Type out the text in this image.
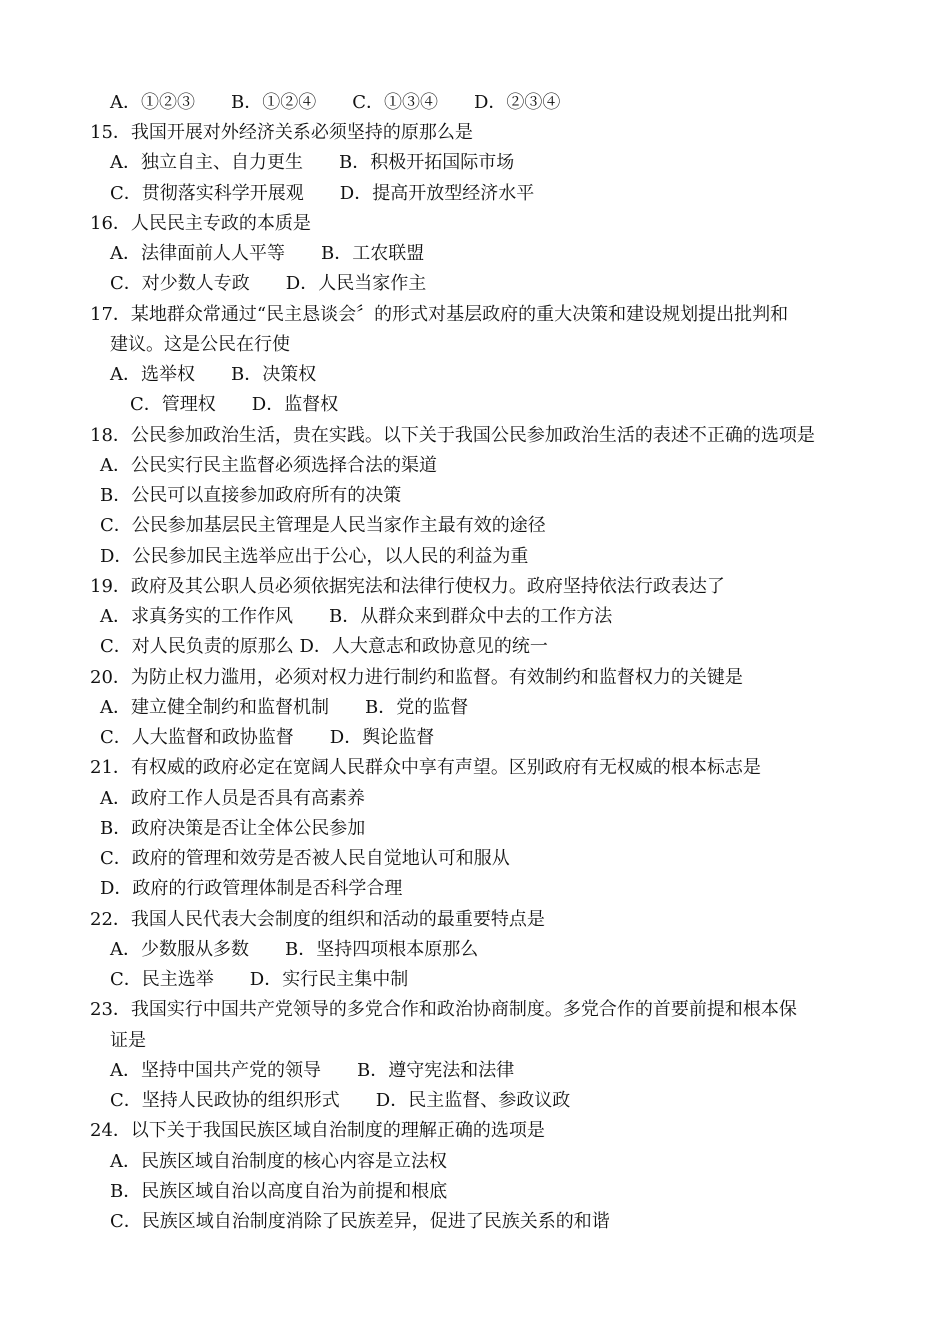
A．①②③　　B．①②④　　C．①③④　　D．②③④
15．我国开展对外经济关系必须坚持的原那么是
A．独立自主、自力更生　　B．积极开拓国际市场
C．贯彻落实科学开展观　　D．提高开放型经济水平
16．人民民主专政的本质是
A．法律面前人人平等　　B．工农联盟
C．对少数人专政　　D．人民当家作主
17．某地群众常通过“民主恳谈会〞的形式对基层政府的重大决策和建设规划提出批判和
建议。这是公民在行使
A．选举权　　B．决策权
C．管理权　　D．监督权
18．公民参加政治生活，贵在实践。以下关于我国公民参加政治生活的表述不正确的选项是
A．公民实行民主监督必须选择合法的渠道
B．公民可以直接参加政府所有的决策
C．公民参加基层民主管理是人民当家作主最有效的途径
D．公民参加民主选举应出于公心，以人民的利益为重
19．政府及其公职人员必须依据宪法和法律行使权力。政府坚持依法行政表达了
A．求真务实的工作作风　　B．从群众来到群众中去的工作方法
C．对人民负责的原那么 D．人大意志和政协意见的统一
20．为防止权力滥用，必须对权力进行制约和监督。有效制约和监督权力的关键是
A．建立健全制约和监督机制　　B．党的监督
C．人大监督和政协监督　　D．舆论监督
21．有权威的政府必定在宽阔人民群众中享有声望。区别政府有无权威的根本标志是
A．政府工作人员是否具有高素养
B．政府决策是否让全体公民参加
C．政府的管理和效劳是否被人民自觉地认可和服从
D．政府的行政管理体制是否科学合理
22．我国人民代表大会制度的组织和活动的最重要特点是
A．少数服从多数　　B．坚持四项根本原那么
C．民主选举　　D．实行民主集中制
23．我国实行中国共产党领导的多党合作和政治协商制度。多党合作的首要前提和根本保
证是
A．坚持中国共产党的领导　　B．遵守宪法和法律
C．坚持人民政协的组织形式　　D．民主监督、参政议政
24．以下关于我国民族区域自治制度的理解正确的选项是
A．民族区域自治制度的核心内容是立法权
B．民族区域自治以高度自治为前提和根底
C．民族区域自治制度消除了民族差异，促进了民族关系的和谐
